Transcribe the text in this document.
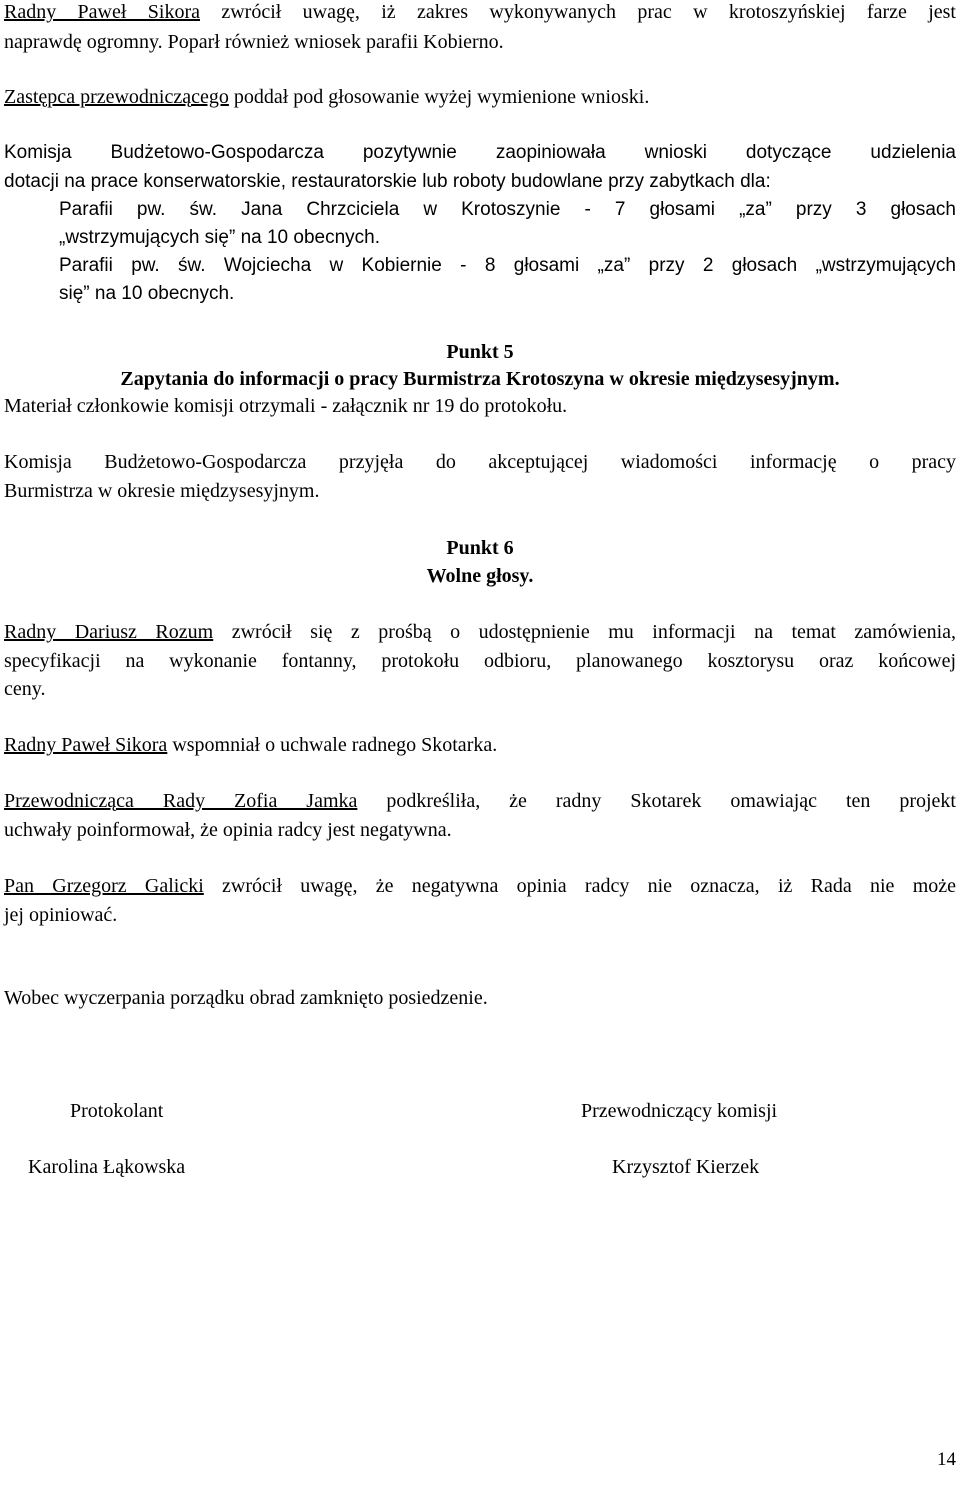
Radny Paweł Sikora zwrócił uwagę, iż zakres wykonywanych prac w krotoszyńskiej farze jest
naprawdę ogromny. Poparł również wniosek parafii Kobierno.
Zastępca przewodniczącego poddał pod głosowanie wyżej wymienione wnioski.
Komisja Budżetowo-Gospodarcza pozytywnie zaopiniowała wnioski dotyczące udzielenia
dotacji na prace konserwatorskie, restauratorskie lub roboty budowlane przy zabytkach dla:
Parafii pw. św. Jana Chrzciciela w Krotoszynie - 7 głosami „za” przy 3 głosach
„wstrzymujących się” na 10 obecnych.
Parafii pw. św. Wojciecha w Kobiernie - 8 głosami „za” przy 2 głosach „wstrzymujących
się” na 10 obecnych.
Punkt 5
Zapytania do informacji o pracy Burmistrza Krotoszyna w okresie międzysesyjnym.
Materiał członkowie komisji otrzymali - załącznik nr 19 do protokołu.
Komisja Budżetowo-Gospodarcza przyjęła do akceptującej wiadomości informację o pracy
Burmistrza w okresie międzysesyjnym.
Punkt 6
Wolne głosy.
Radny Dariusz Rozum zwrócił się z prośbą o udostępnienie mu informacji na temat zamówienia,
specyfikacji na wykonanie fontanny, protokołu odbioru, planowanego kosztorysu oraz końcowej
ceny.
Radny Paweł Sikora wspomniał o uchwale radnego Skotarka.
Przewodnicząca Rady Zofia Jamka podkreśliła, że radny Skotarek omawiając ten projekt
uchwały poinformował, że opinia radcy jest negatywna.
Pan Grzegorz Galicki zwrócił uwagę, że negatywna opinia radcy nie oznacza, iż Rada nie może
jej opiniować.
Wobec wyczerpania porządku obrad zamknięto posiedzenie.
Protokolant
Karolina Łąkowska
Przewodniczący komisji
Krzysztof Kierzek
14
